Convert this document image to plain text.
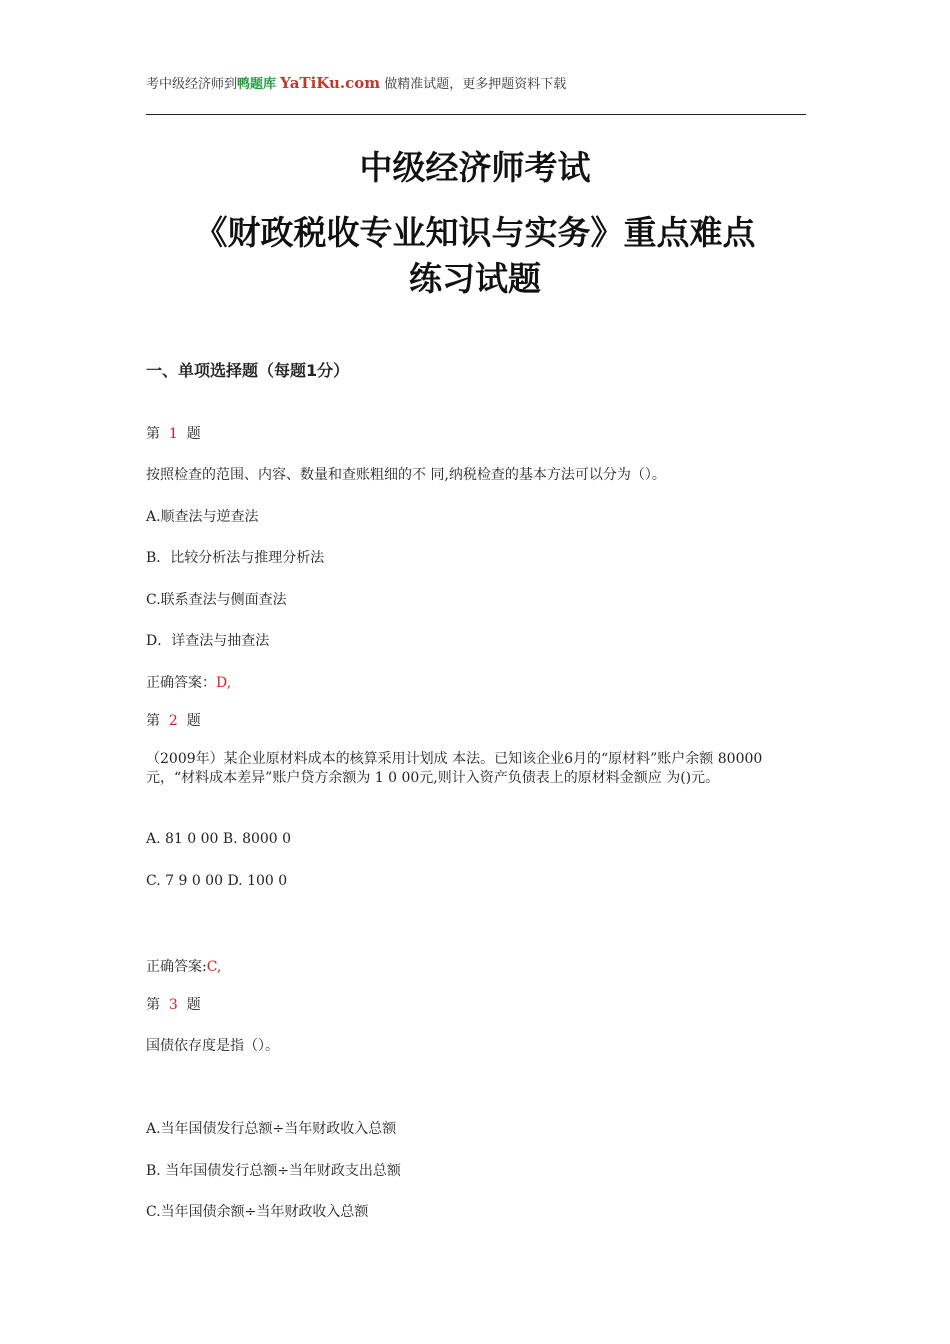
考中级经济师到鸭题库 YaTiKu.com 做精准试题，更多押题资料下载
中级经济师考试
《财政税收专业知识与实务》重点难点
练习试题
一、单项选择题（每题1分）
第 1 题
按照检查的范围、内容、数量和查账粗细的不 同,纳税检查的基本方法可以分为（）。
A.顺查法与逆查法
B．比较分析法与推理分析法
C.联系查法与侧面查法
D．详查法与抽查法
正确答案：D,
第 2 题
（2009年）某企业原材料成本的核算采用计划成 本法。已知该企业6月的“原材料”账户余额 80000元，“材料成本差异”账户贷方余额为 1 0 00元,则计入资产负债表上的原材料金额应 为()元。
A. 81 0 00 B. 8000 0
C. 7 9 0 00 D. 100 0
正确答案:C,
第 3 题
国债依存度是指（）。
A.当年国债发行总额÷当年财政收入总额
B. 当年国债发行总额÷当年财政支出总额
C.当年国债余额÷当年财政收入总额
